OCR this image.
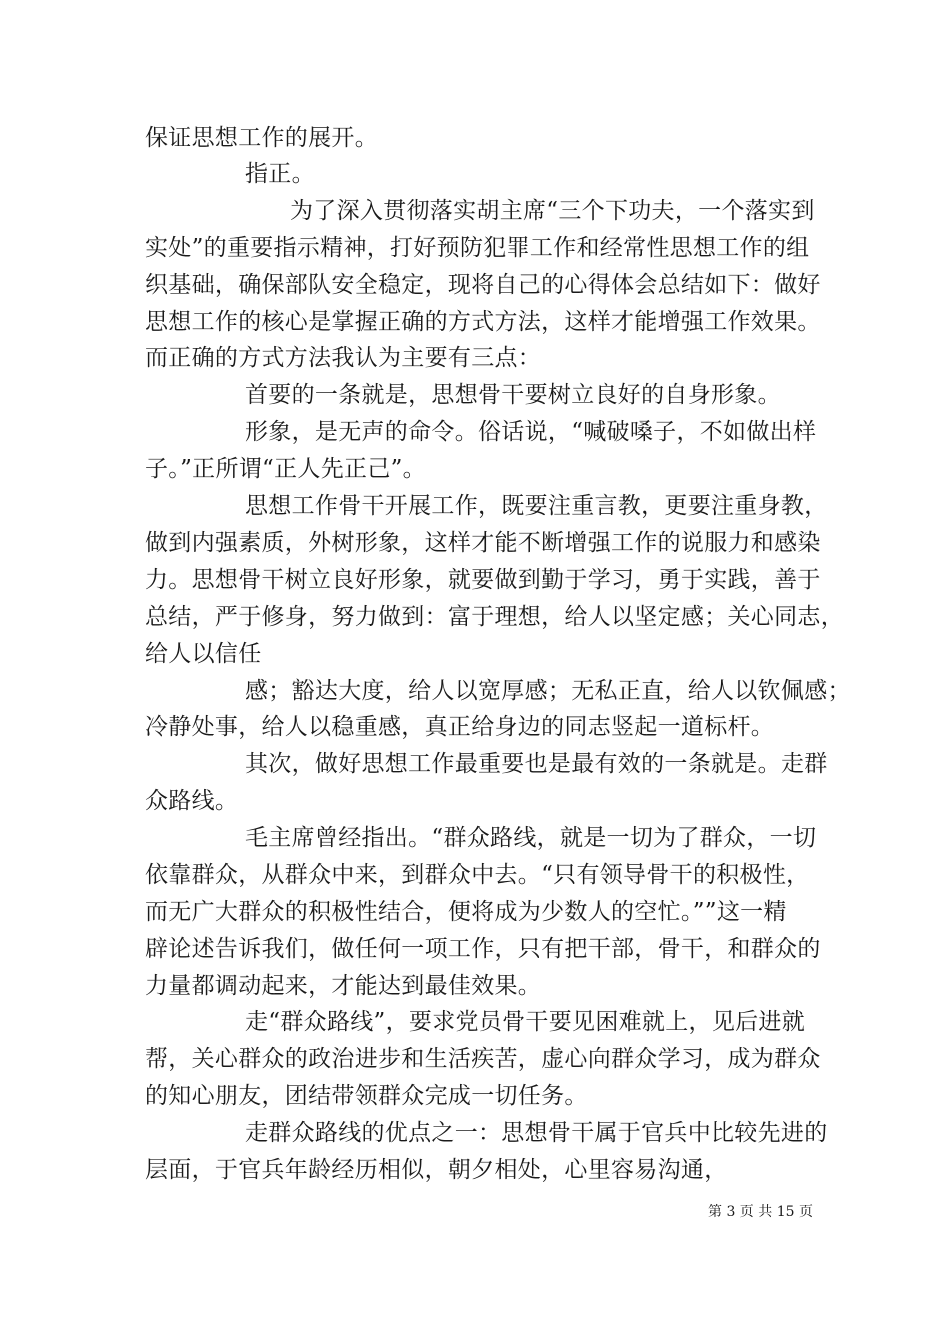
保证思想工作的展开。
指正。
为了深入贯彻落实胡主席“三个下功夫，一个落实到
实处”的重要指示精神，打好预防犯罪工作和经常性思想工作的组
织基础，确保部队安全稳定，现将自己的心得体会总结如下：做好
思想工作的核心是掌握正确的方式方法，这样才能增强工作效果。
而正确的方式方法我认为主要有三点：
首要的一条就是，思想骨干要树立良好的自身形象。
形象，是无声的命令。俗话说，“喊破嗓子，不如做出样
子。”正所谓“正人先正己”。
思想工作骨干开展工作，既要注重言教，更要注重身教，
做到内强素质，外树形象，这样才能不断增强工作的说服力和感染
力。思想骨干树立良好形象，就要做到勤于学习，勇于实践，善于
总结，严于修身，努力做到：富于理想，给人以坚定感；关心同志，
给人以信任
感；豁达大度，给人以宽厚感；无私正直，给人以钦佩感；
冷静处事，给人以稳重感，真正给身边的同志竖起一道标杆。
其次，做好思想工作最重要也是最有效的一条就是。走群
众路线。
毛主席曾经指出。“群众路线，就是一切为了群众，一切
依靠群众，从群众中来，到群众中去。“只有领导骨干的积极性，
而无广大群众的积极性结合，便将成为少数人的空忙。””这一精
辟论述告诉我们，做任何一项工作，只有把干部，骨干，和群众的
力量都调动起来，才能达到最佳效果。
走“群众路线”，要求党员骨干要见困难就上，见后进就
帮，关心群众的政治进步和生活疾苦，虚心向群众学习，成为群众
的知心朋友，团结带领群众完成一切任务。
走群众路线的优点之一：思想骨干属于官兵中比较先进的
层面，于官兵年龄经历相似，朝夕相处，心里容易沟通，
第 3 页 共 15 页
